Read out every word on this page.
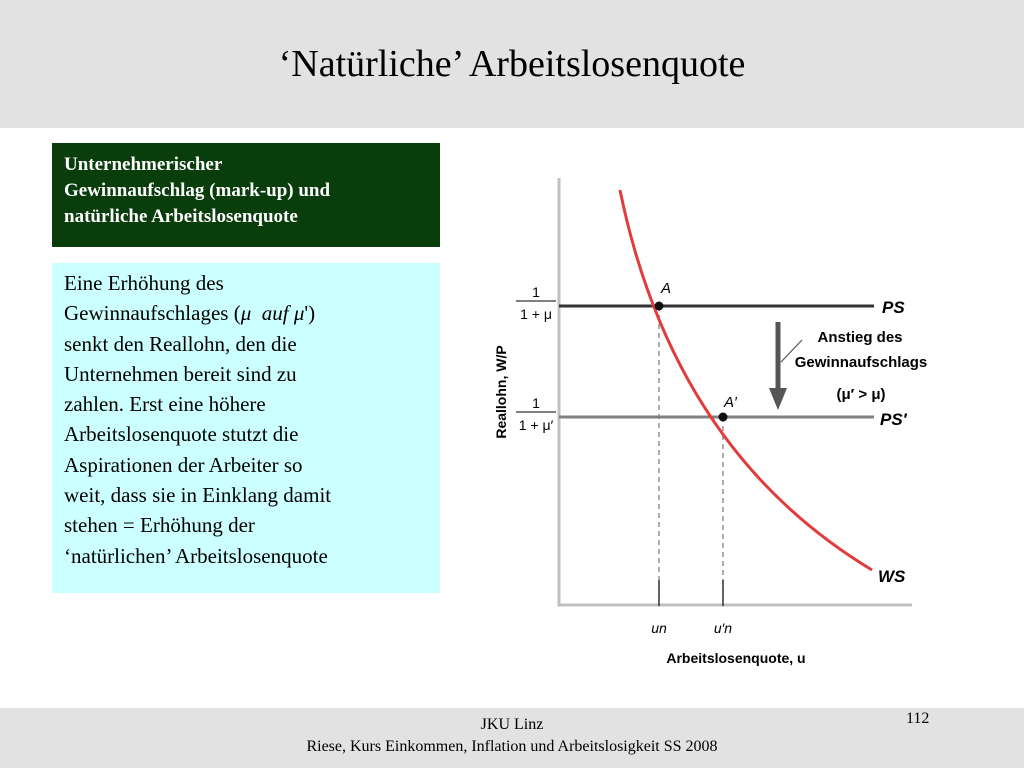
‘Natürliche’ Arbeitslosenquote
Unternehmerischer
Gewinnaufschlag (mark-up) und
natürliche Arbeitslosenquote
Eine Erhöhung des
Gewinnaufschlages (μ auf μ')
senkt den Reallohn, den die
Unternehmen bereit sind zu
zahlen. Erst eine höhere
Arbeitslosenquote stutzt die
Aspirationen der Arbeiter so
weit, dass sie in Einklang damit
stehen = Erhöhung der
‘natürlichen’ Arbeitslosenquote
A
A′
PS
PS′
WS
1
1 + μ
1
1 + μ′
Reallohn, W/P
un	u′n
Arbeitslosenquote, u
Anstieg des
Gewinnaufschlags
(μ′ > μ)
JKU Linz
Riese, Kurs Einkommen, Inflation und Arbeitslosigkeit SS 2008
112
